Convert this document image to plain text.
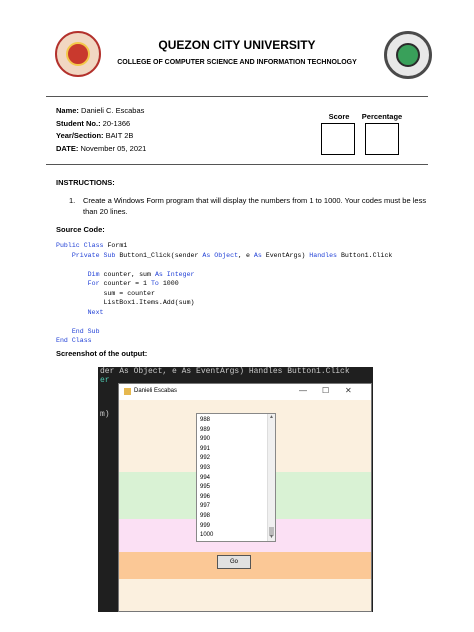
QUEZON CITY UNIVERSITY
COLLEGE OF COMPUTER SCIENCE AND INFORMATION TECHNOLOGY
Name: Danieli C. Escabas
Student No.: 20-1366
Year/Section: BAIT 2B
DATE: November 05, 2021
Score	Percentage
INSTRUCTIONS:
1. Create a Windows Form program that will display the numbers from 1 to 1000. Your codes must be less than 20 lines.
Source Code:
Public Class Form1
Private Sub Button1_Click(sender As Object, e As EventArgs) Handles Button1.Click

Dim counter, sum As Integer
For counter = 1 To 1000
sum = counter
ListBox1.Items.Add(sum)
Next

End Sub
End Class
Screenshot of the output:
der As Object, e As EventArgs) Handles Button1.Click
er
m)
Danieli Escabas	— ☐ ✕
▲
▼
988
989
990
991
992
993
994
995
996
997
998
999
1000
Go
